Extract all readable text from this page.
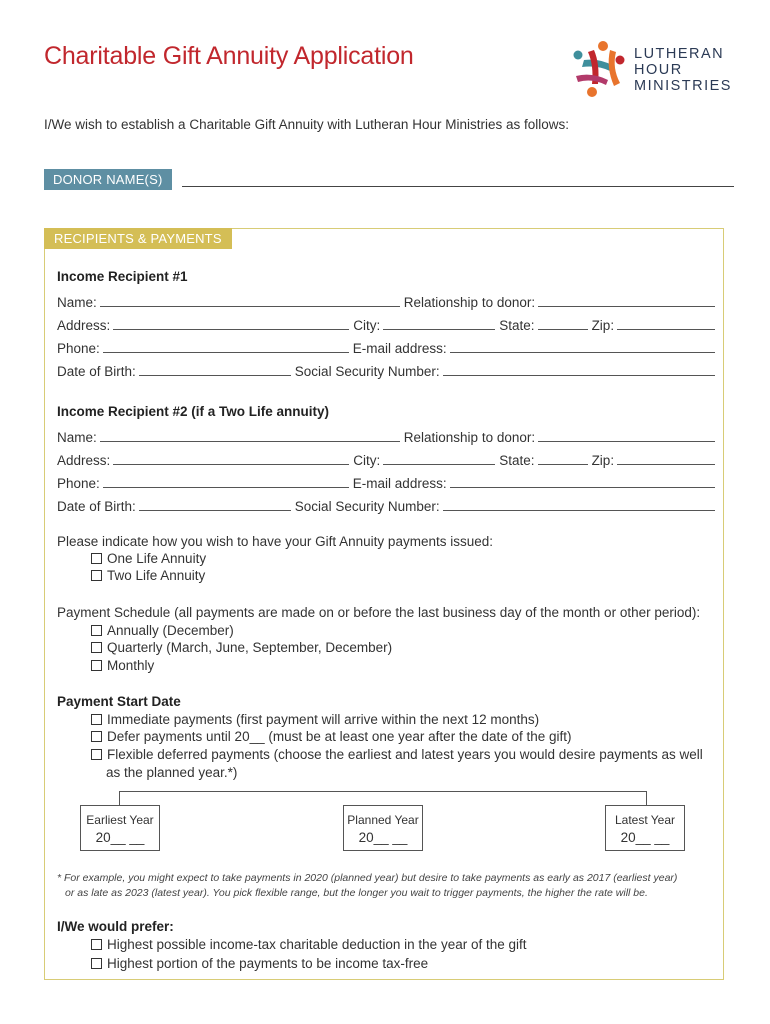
Charitable Gift Annuity Application	LUTHERAN
HOUR
MINISTRIES
I/We wish to establish a Charitable Gift Annuity with Lutheran Hour Ministries as follows:
DONOR NAME(S)
RECIPIENTS & PAYMENTS
Income Recipient #1
Name:	Relationship to donor:
Address:	City:	State:	Zip:
Phone:	E-mail address:
Date of Birth:	Social Security Number:
Income Recipient #2 (if a Two Life annuity)
Name:	Relationship to donor:
Address:	City:	State:	Zip:
Phone:	E-mail address:
Date of Birth:	Social Security Number:
Please indicate how you wish to have your Gift Annuity payments issued:
One Life Annuity
Two Life Annuity
Payment Schedule (all payments are made on or before the last business day of the month or other period):
Annually (December)
Quarterly (March, June, September, December)
Monthly
Payment Start Date
Immediate payments (first payment will arrive within the next 12 months)
Defer payments until 20__ (must be at least one year after the date of the gift)
Flexible deferred payments (choose the earliest and latest years you would desire payments as well
as the planned year.*)
Earliest Year
20__ __
Planned Year
20__ __
Latest Year
20__ __
* For example, you might expect to take payments in 2020 (planned year) but desire to take payments as early as 2017 (earliest year)
or as late as 2023 (latest year). You pick flexible range, but the longer you wait to trigger payments, the higher the rate will be.
I/We would prefer:
Highest possible income-tax charitable deduction in the year of the gift
Highest portion of the payments to be income tax-free
